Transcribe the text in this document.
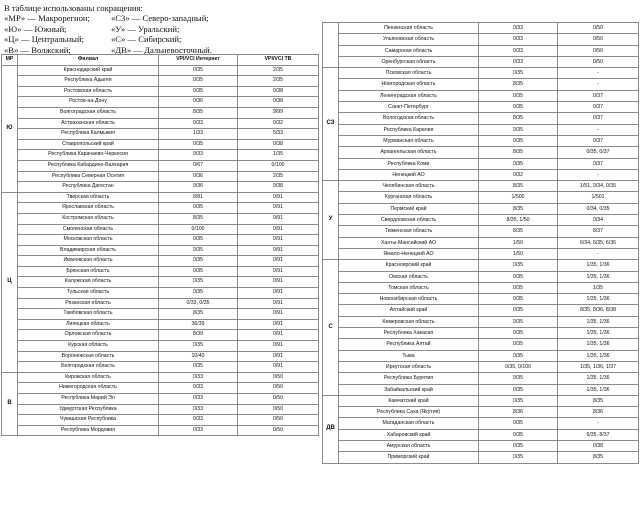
В таблице использованы сокращения:
«МР» — Макрорегион;	«СЗ» — Северо-западный;
«Ю» — Южный;	«У» — Уральский;
«Ц» — Центральный;	«С» — Сибирский;
«В» — Волжский;	«ДВ» — Дальневосточный.
МР	Филиал	VPI/VCI Интернет	VPI/VCI ТВ

Ю	Краснодарский край	0/35	2/35
	Республика Адыгея	0/35	2/35
	Ростовская область	0/35	0/38
	Ростов-на-Дону	0/36	0/38
	Волгоградская область	8/35	9/99
	Астраханская область	0/33	0/32
	Республика Калмыкия	1/33	5/33
	Ставропольский край	0/35	0/38
	Республика Карачаево-Черкесия	0/33	1/35
	Республика Кабардино-Балкария	0/67	0/100
	Республика Северная Осетия	0/36	2/35
	Республика Дагестан	0/36	0/38

Ц	Тверская область	8/81	0/91
	Ярославская область	0/35	0/91
	Костромская область	8/35	0/91
	Смоленская область	0/100	0/91
	Московская область	0/35	0/91
	Владимирская область	0/35	0/91
	Ивановская область	0/35	0/91
	Брянская область	0/35	0/91
	Калужская область	0/35	0/91
	Тульская область	0/35	0/91
	Рязанская область	0/33, 0/35	0/91
	Тамбовская область	8/35	0/91
	Липецкая область	36/39	0/91
	Орловская область	8/39	0/91
	Курская область	0/35	0/91
	Воронежская область	10/40	0/91
	Белгородская область	0/35	0/91

В	Кировская область	0/33	0/50
	Нижегородская область	0/33	0/50
	Республика Марий Эл	0/33	0/50
	Удмуртская Республика	0/33	0/50
	Чувашская Республика	0/33	0/50
	Республика Мордовия	0/33	0/50
	Пензенская область	0/33	0/50
	Ульяновская область	0/33	0/50
	Самарская область	0/33	0/50
	Оренбургская область	0/33	0/50

СЗ	Псковская область	0/35	-
	Новгородская область	8/35	-
	Ленинградская область	0/35	0/37
	Санкт-Петербург	0/35	0/37
	Вологодская область	8/35	0/37
	Республика Карелия	0/35	-
	Мурманская область	0/35	0/37
	Архангельская область	8/35	0/35, 0/37
	Республика Коми	0/35	0/37
	Ненецкий АО	0/32	-

У	Челябинская область	8/35	1/51, 0/34, 0/35
	Курганская область	1/500	1/501
	Пермский край	8/35	0/34, 0/35
	Свердловская область	8/35, 1/50	0/34
	Тюменская область	8/35	8/37
	Ханты-Мансийский АО	1/50	6/34, 6/35, 6/36
	Ямало-Ненецкий АО	1/50	-

С	Красноярский край	0/35	1/35, 1/36
	Омская область	0/35	1/35, 1/36
	Томская область	0/35	1/35
	Новосибирская область	0/35	1/35, 1/36
	Алтайский край	0/35	8/35, 8/36, 8/38
	Кемеровская область	0/35	1/35, 1/36
	Республика Хакасия	0/35	1/35, 1/36
	Республика Алтай	0/35	1/35, 1/36
	Тыва	0/35	1/35, 1/36
	Иркутская область	0/35, 0/100	1/35, 1/36, 1/37
	Республика Бурятия	0/35	1/35, 1/36
	Забайкальский край	0/35	1/35, 1/36

ДВ	Камчатский край	0/35	8/35
	Республика Саха (Якутия)	8/36	8/36
	Магаданская область	0/35	-
	Хабаровский край	0/35	6/35, 8/37
	Амурская область	0/35	0/38
	Приморский край	0/35	8/35
